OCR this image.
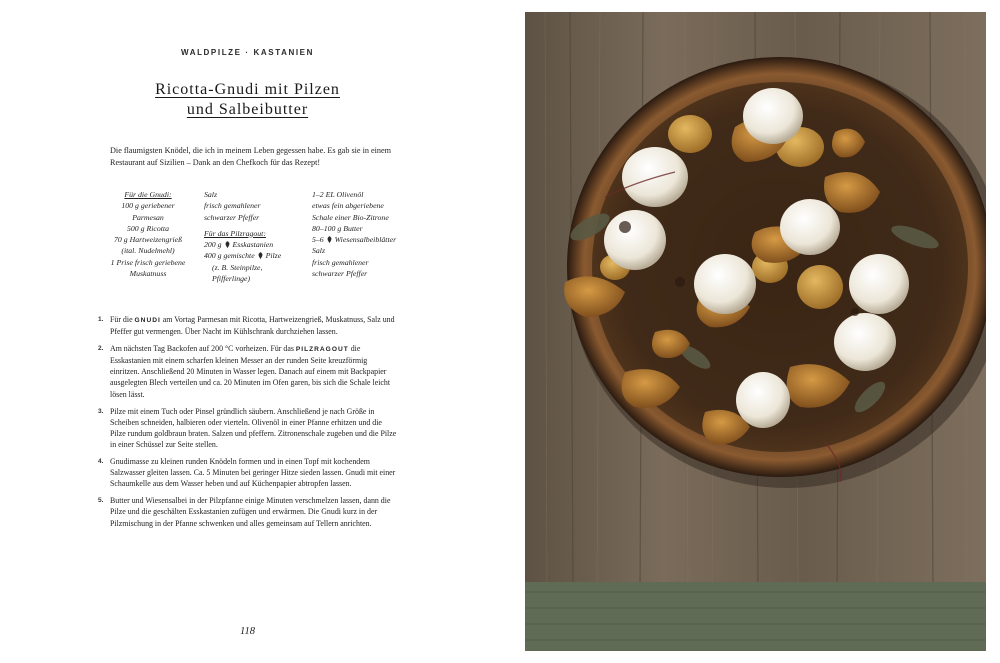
WALDPILZE · KASTANIEN
Ricotta-Gnudi mit Pilzen
und Salbeibutter

Die flaumigsten Knödel, die ich in meinem Leben gegessen habe. Es gab sie in einem Restaurant auf Sizilien – Dank an den Chefkoch für das Rezept!

Für die Gnudi:
100 g geriebener
Parmesan
500 g Ricotta
70 g Hartweizengrieß
(ital. Nudelmehl)
1 Prise frisch geriebene
Muskatnuss
Salz
frisch gemahlener
schwarzer Pfeffer
Für das Pilzragout:
200 g Esskastanien
400 g gemischte Pilze
(z. B. Steinpilze,
Pfifferlinge)
1–2 EL Olivenöl
etwas fein abgeriebene
Schale einer Bio-Zitrone
80–100 g Butter
5–6 Wiesensalbeiblätter
Salz
frisch gemahlener
schwarzer Pfeffer
1. Für die GNUDI am Vortag Parmesan mit Ricotta, Hartweizengrieß, Muskatnuss, Salz und Pfeffer gut vermengen. Über Nacht im Kühlschrank durchziehen lassen.
2. Am nächsten Tag Backofen auf 200 °C vorheizen. Für das PILZRAGOUT die Esskastanien mit einem scharfen kleinen Messer an der runden Seite kreuzförmig einritzen. Anschließend 20 Minuten in Wasser legen. Danach auf einem mit Backpapier ausgelegten Blech verteilen und ca. 20 Minuten im Ofen garen, bis sich die Schale leicht lösen lässt.
3. Pilze mit einem Tuch oder Pinsel gründlich säubern. Anschließend je nach Größe in Scheiben schneiden, halbieren oder vierteln. Olivenöl in einer Pfanne erhitzen und die Pilze rundum goldbraun braten. Salzen und pfeffern. Zitronenschale zugeben und die Pilze in einer Schüssel zur Seite stellen.
4. Gnudimasse zu kleinen runden Knödeln formen und in einen Topf mit kochendem Salzwasser gleiten lassen. Ca. 5 Minuten bei geringer Hitze sieden lassen. Gnudi mit einer Schaumkelle aus dem Wasser heben und auf Küchenpapier abtropfen lassen.
5. Butter und Wiesensalbei in der Pilzpfanne einige Minuten verschmelzen lassen, dann die Pilze und die geschälten Esskastanien zufügen und erwärmen. Die Gnudi kurz in der Pilzmischung in der Pfanne schwenken und alles gemeinsam auf Tellern anrichten.
118
